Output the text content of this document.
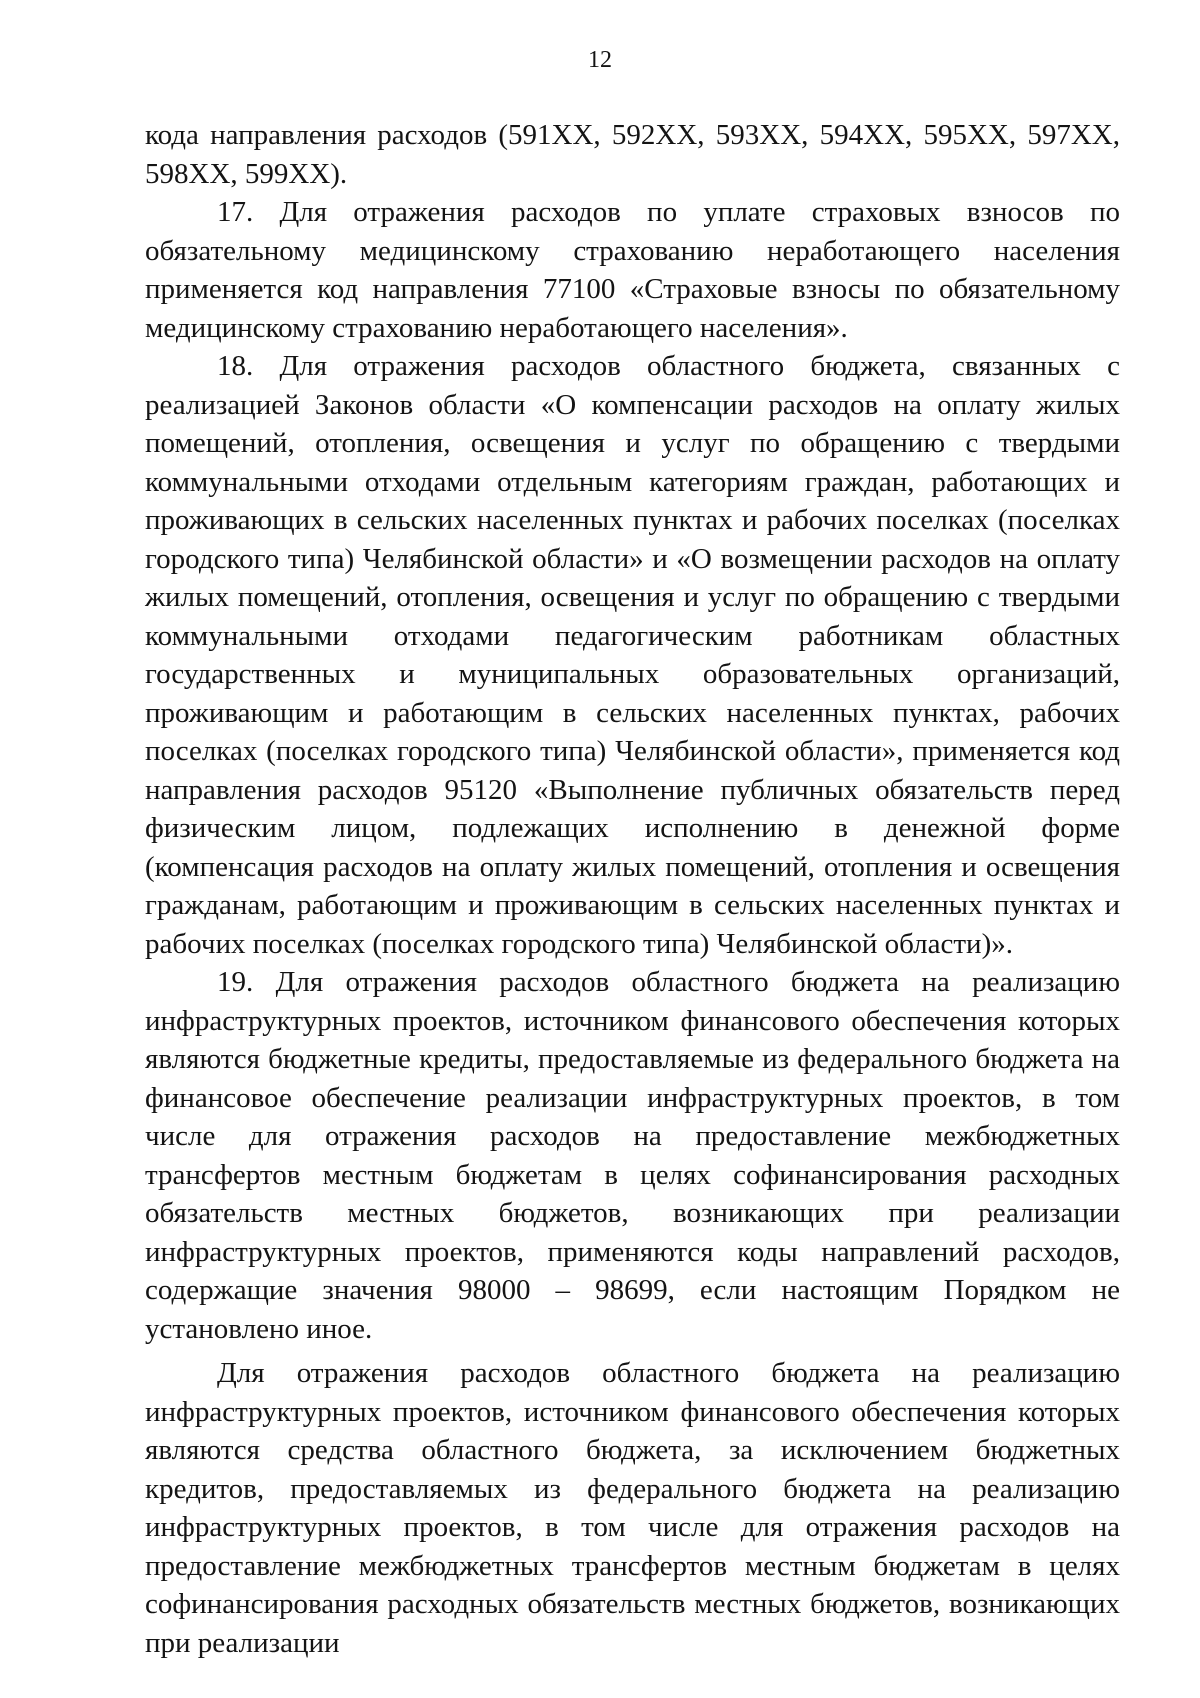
12

кода направления расходов (591XX, 592XX, 593XX, 594XX, 595XX, 597XX, 598XX, 599XX).

17. Для отражения расходов по уплате страховых взносов по обязательному медицинскому страхованию неработающего населения применяется код направления 77100 «Страховые взносы по обязательному медицинскому страхованию неработающего населения».

18. Для отражения расходов областного бюджета, связанных с реализацией Законов области «О компенсации расходов на оплату жилых помещений, отопления, освещения и услуг по обращению с твердыми коммунальными отходами отдельным категориям граждан, работающих и проживающих в сельских населенных пунктах и рабочих поселках (поселках городского типа) Челябинской области» и «О возмещении расходов на оплату жилых помещений, отопления, освещения и услуг по обращению с твердыми коммунальными отходами педагогическим работникам областных государственных и муниципальных образовательных организаций, проживающим и работающим в сельских населенных пунктах, рабочих поселках (поселках городского типа) Челябинской области», применяется код направления расходов 95120 «Выполнение публичных обязательств перед физическим лицом, подлежащих исполнению в денежной форме (компенсация расходов на оплату жилых помещений, отопления и освещения гражданам, работающим и проживающим в сельских населенных пунктах и рабочих поселках (поселках городского типа) Челябинской области)».

19. Для отражения расходов областного бюджета на реализацию инфраструктурных проектов, источником финансового обеспечения которых являются бюджетные кредиты, предоставляемые из федерального бюджета на финансовое обеспечение реализации инфраструктурных проектов, в том числе для отражения расходов на предоставление межбюджетных трансфертов местным бюджетам в целях софинансирования расходных обязательств местных бюджетов, возникающих при реализации инфраструктурных проектов, применяются коды направлений расходов, содержащие значения 98000 – 98699, если настоящим Порядком не установлено иное.

Для отражения расходов областного бюджета на реализацию инфраструктурных проектов, источником финансового обеспечения которых являются средства областного бюджета, за исключением бюджетных кредитов, предоставляемых из федерального бюджета на реализацию инфраструктурных проектов, в том числе для отражения расходов на предоставление межбюджетных трансфертов местным бюджетам в целях софинансирования расходных обязательств местных бюджетов, возникающих при реализации
